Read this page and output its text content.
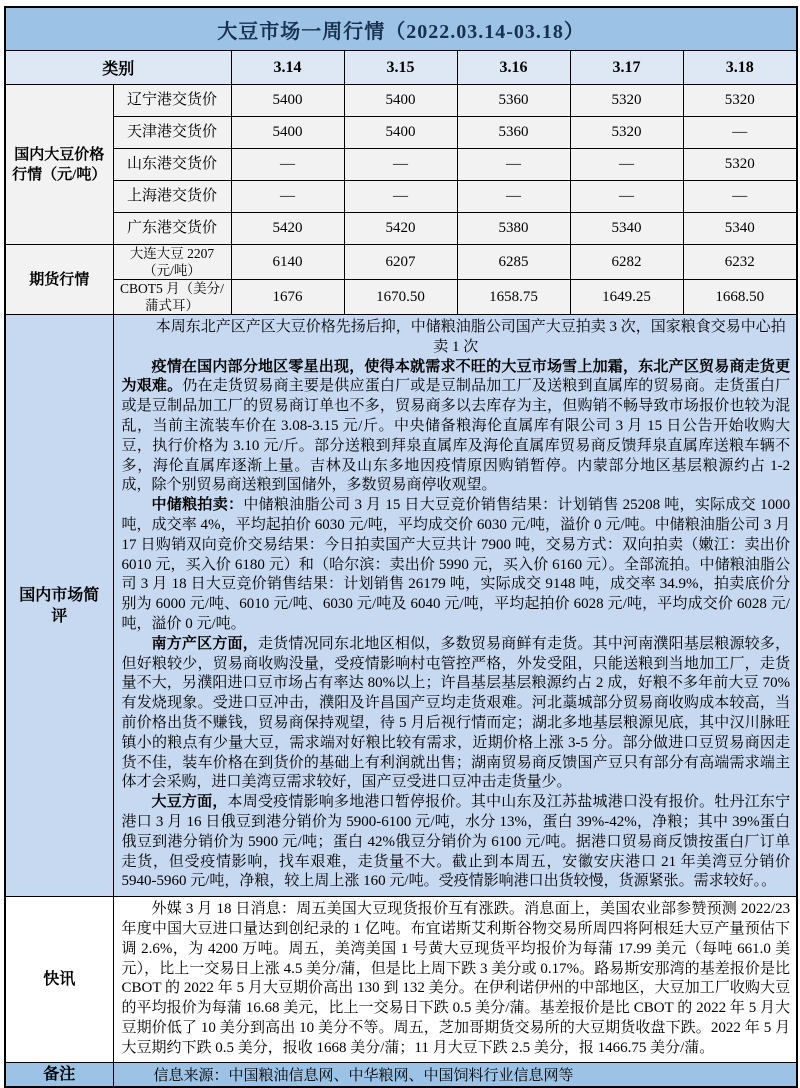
大豆市场一周行情（2022.03.14-03.18）						
类别		3.14	3.15	3.16	3.17	3.18
国内大豆价格行情（元/吨）	辽宁港交货价	5400	5400	5360	5320	5320
	天津港交货价	5400	5400	5360	5320	—
	山东港交货价	—	—	—	—	5320
	上海港交货价	—	—	—	—	—
	广东港交货价	5420	5420	5380	5340	5340
期货行情	大连大豆 2207（元/吨）	6140	6207	6285	6282	6232
	CBOT5 月（美分/蒲式耳）	1676	1670.50	1658.75	1649.25	1668.50
国内市场简评	本周东北产区产区大豆价格先扬后抑，中储粮油脂公司国产大豆拍卖 3 次，国家粮食交易中心拍卖 1 次

疫情在国内部分地区零星出现，使得本就需求不旺的大豆市场雪上加霜，东北产区贸易商走货更为艰难。仍在走货贸易商主要是供应蛋白厂或是豆制品加工厂及送粮到直属库的贸易商。走货蛋白厂或是豆制品加工厂的贸易商订单也不多，贸易商多以去库存为主，但购销不畅导致市场报价也较为混乱，当前主流装车价在 3.08-3.15 元/斤。中央储备粮海伦直属库有限公司 3 月 15 日公告开始收购大豆，执行价格为 3.10 元/斤。部分送粮到拜泉直属库及海伦直属库贸易商反馈拜泉直属库送粮车辆不多，海伦直属库逐渐上量。吉林及山东多地因疫情原因购销暂停。内蒙部分地区基层粮源约占 1-2 成，除个别贸易商送粮到国储外，多数贸易商停收观望。

中储粮拍卖：中储粮油脂公司 3 月 15 日大豆竞价销售结果：计划销售 25208 吨，实际成交 1000 吨，成交率 4%，平均起拍价 6030 元/吨，平均成交价 6030 元/吨，溢价 0 元/吨。中储粮油脂公司 3 月 17 日购销双向竞价交易结果：今日拍卖国产大豆共计 7900 吨，交易方式：双向拍卖（嫩江：卖出价 6010 元，买入价 6180 元）和（哈尔滨：卖出价 5990 元，买入价 6160 元）。全部流拍。中储粮油脂公司 3 月 18 日大豆竞价销售结果：计划销售 26179 吨，实际成交 9148 吨，成交率 34.9%，拍卖底价分别为 6000 元/吨、6010 元/吨、6030 元/吨及 6040 元/吨，平均起拍价 6028 元/吨，平均成交价 6028 元/吨，溢价 0 元/吨。

南方产区方面，走货情况同东北地区相似，多数贸易商鲜有走货。其中河南濮阳基层粮源较多，但好粮较少，贸易商收购没量，受疫情影响村屯管控严格，外发受阻，只能送粮到当地加工厂，走货量不大，另濮阳进口豆市场占有率达 80%以上；许昌基层基层粮源约占 2 成，好粮不多年前大豆 70%有发烧现象。受进口豆冲击，濮阳及许昌国产豆均走货艰难。河北藁城部分贸易商收购成本较高，当前价格出货不赚钱，贸易商保持观望，待 5 月后视行情而定；湖北多地基层粮源见底，其中汉川脉旺镇小的粮点有少量大豆，需求端对好粮比较有需求，近期价格上涨 3-5 分。部分做进口豆贸易商因走货不佳，装车价格在到货价的基础上有利润就出售；湖南贸易商反馈国产豆只有部分有高端需求端主体才会采购，进口美湾豆需求较好，国产豆受进口豆冲击走货量少。

大豆方面，本周受疫情影响多地港口暂停报价。其中山东及江苏盐城港口没有报价。牡丹江东宁港口 3 月 16 日俄豆到港分销价为 5900-6100 元/吨，水分 13%，蛋白 39%-42%，净粮；其中 39%蛋白俄豆到港分销价为 5900 元/吨；蛋白 42%俄豆分销价为 6100 元/吨。据港口贸易商反馈按蛋白厂订单走货，但受疫情影响，找车艰难，走货量不大。截止到本周五，安徽安庆港口 21 年美湾豆分销价 5940-5960 元/吨，净粮，较上周上涨 160 元/吨。受疫情影响港口出货较慢，货源紧张。需求较好。。					

快讯	外媒 3 月 18 日消息：周五美国大豆现货报价互有涨跌。消息面上，美国农业部参赞预测 2022/23 年度中国大豆进口量达到创纪录的 1 亿吨。布宜诺斯艾利斯谷物交易所周四将阿根廷大豆产量预估下调 2.6%，为 4200 万吨。周五，美湾美国 1 号黄大豆现货平均报价为每蒲 17.99 美元（每吨 661.0 美元），比上一交易日上涨 4.5 美分/蒲，但是比上周下跌 3 美分或 0.17%。路易斯安那湾的基差报价是比 CBOT 的 2022 年 5 月大豆期价高出 130 到 132 美分。在伊利诺伊州的中部地区，大豆加工厂收购大豆的平均报价为每蒲 16.68 美元，比上一交易日下跌 0.5 美分/蒲。基差报价是比 CBOT 的 2022 年 5 月大豆期价低了 10 美分到高出 10 美分不等。周五，芝加哥期货交易所的大豆期货收盘下跌。2022 年 5 月大豆期约下跌 0.5 美分，报收 1668 美分/蒲；11 月大豆下跌 2.5 美分，报 1466.75 美分/蒲。					

备注	信息来源：中国粮油信息网、中华粮网、中国饲料行业信息网等					
